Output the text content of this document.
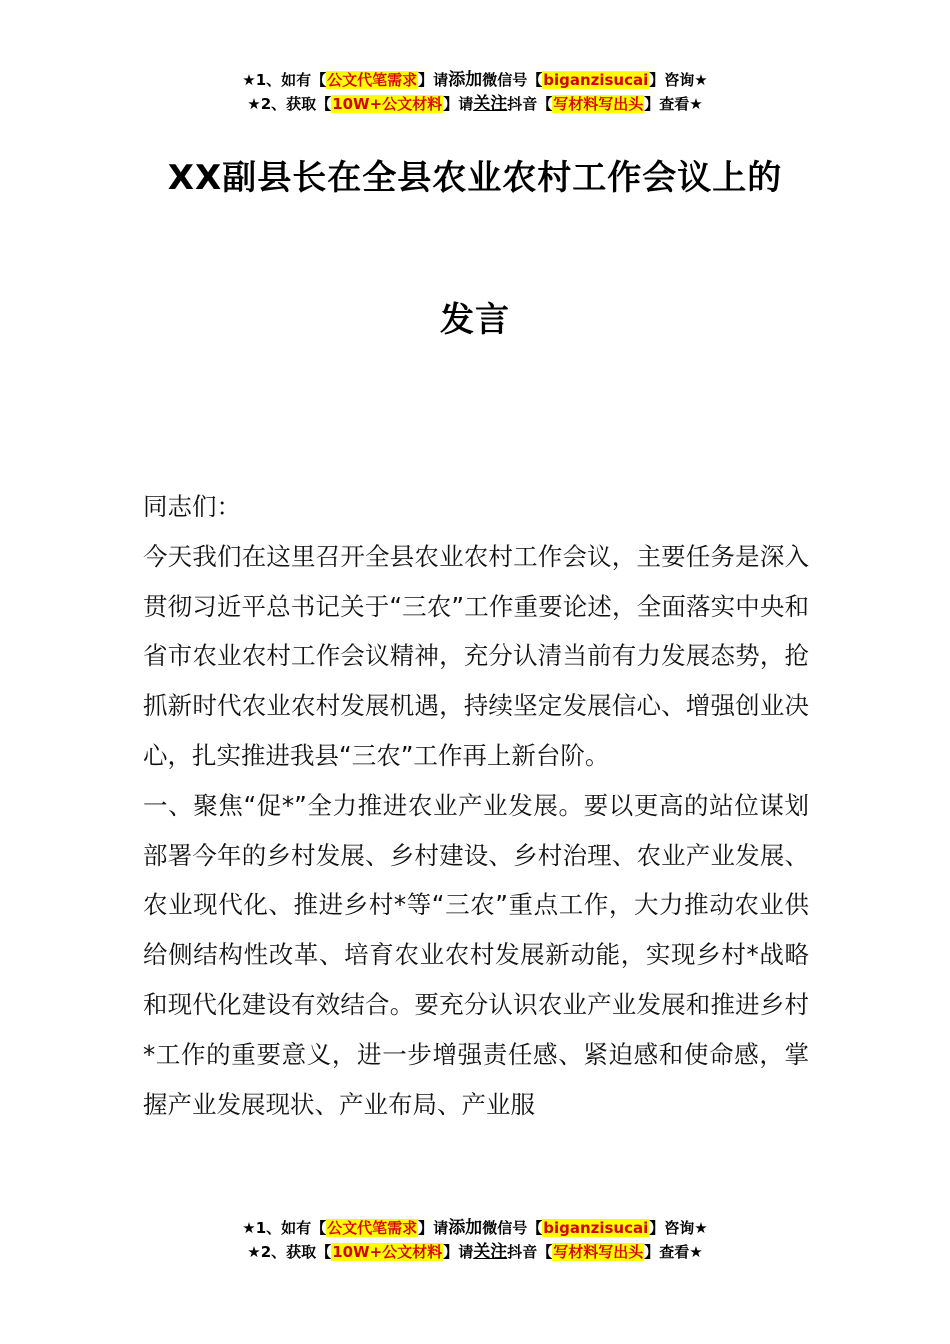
★1、如有【公文代笔需求】请添加微信号【biganzisucai】咨询★
★2、获取【10W+公文材料】请关注抖音【写材料写出头】查看★
XX副县长在全县农业农村工作会议上的
发言

同志们：

今天我们在这里召开全县农业农村工作会议，主要任务是深入贯彻习近平总书记关于“三农”工作重要论述，全面落实中央和省市农业农村工作会议精神，充分认清当前有力发展态势，抢抓新时代农业农村发展机遇，持续坚定发展信心、增强创业决心，扎实推进我县“三农”工作再上新台阶。

一、聚焦“促*”全力推进农业产业发展。要以更高的站位谋划部署今年的乡村发展、乡村建设、乡村治理、农业产业发展、农业现代化、推进乡村*等“三农”重点工作，大力推动农业供给侧结构性改革、培育农业农村发展新动能，实现乡村*战略和现代化建设有效结合。要充分认识农业产业发展和推进乡村*工作的重要意义，进一步增强责任感、紧迫感和使命感，掌握产业发展现状、产业布局、产业服

★1、如有【公文代笔需求】请添加微信号【biganzisucai】咨询★
★2、获取【10W+公文材料】请关注抖音【写材料写出头】查看★
